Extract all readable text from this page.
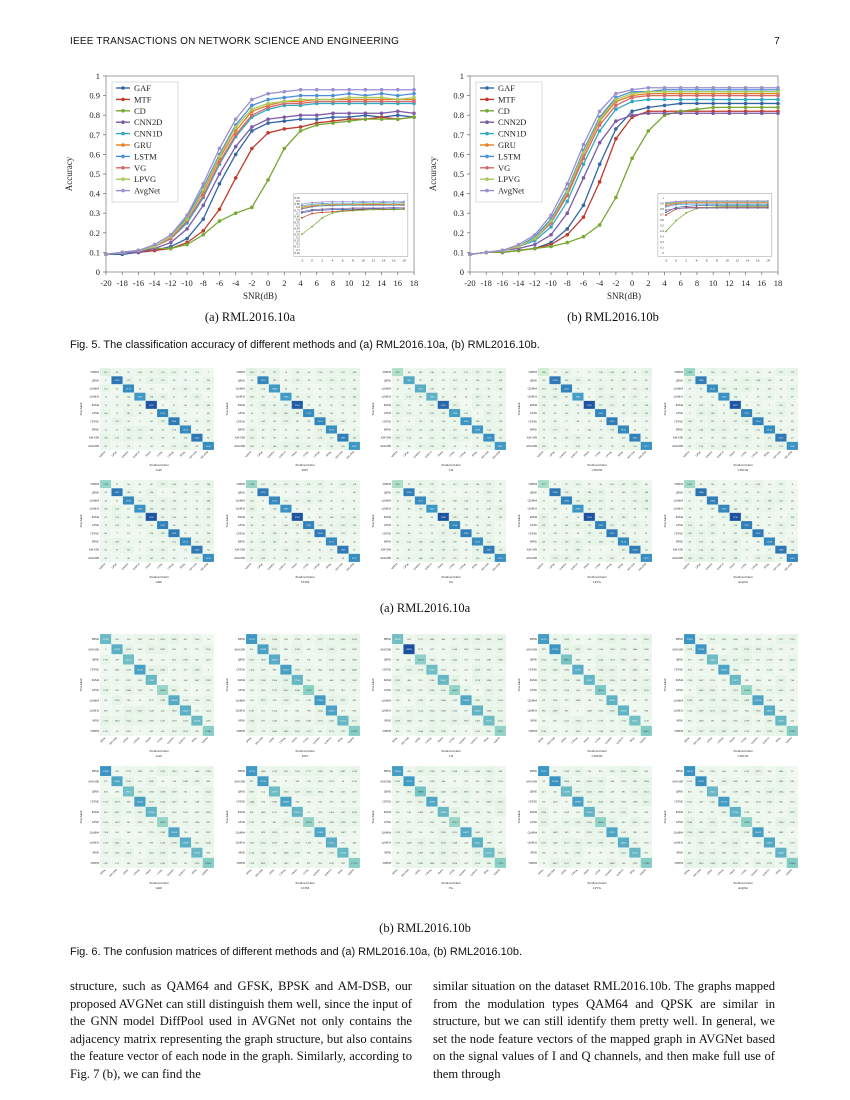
IEEE TRANSACTIONS ON NETWORK SCIENCE AND ENGINEERING	7
0
0.1
0.2
0.3
0.4
0.5
0.6
0.7
0.8
0.9
1
-20 -18 -16 -14 -12 -10 -8 -6 -4 -2 0 2 4 6 8 10 12 14 16 18
SNR(dB)
Accuracy
GAF
MTF
CD
CNN2D
CNN1D
GRU
LSTM
VG
LPVG
AvgNet
0.05
0.1
0.15
0.2
0.25
0.3
0.35
0.4
0.45
0.5
0.55
0.6
0.65
0.7
0.75
0.8
0.85
0.9
0.95
-2 0 2 4 6 8 10 12 14 16 18
0
0.1
0.2
0.3
0.4
0.5
0.6
0.7
0.8
0.9
1
-20 -18 -16 -14 -12 -10 -8 -6 -4 -2 0 2 4 6 8 10 12 14 16 18
SNR(dB)
Accuracy
GAF
MTF
CD
CNN2D
CNN1D
GRU
LSTM
VG
LPVG
AvgNet
0
0.1
0.2
0.3
0.4
0.5
0.6
0.7
0.8
0.9
1
-2 0 2 4 6 8 10 12 14 16 18
(a) RML2016.10a	(b) RML2016.10b
Fig. 5. The classification accuracy of different methods and (a) RML2016.10a, (b) RML2016.10b.
True label
WBFM 312	83	26	138	90	152	155	33	114	5
QPSK	0	2352	179	27	167	155	63	29	53	156
QAM64 133	22	2159	14	33	8	93	141	50	109
QAM16 15	74	114	2012	178	178	31	39	175	0
PAM4 35	72	101	94	2702	6	51	40	109	148
GFSK 144	15	181	89	20	2216	155	15	3	48
CPFSK	9	191	58	3	84	178	2341	105	96	121
BPSK 51	27	166	173	100	34	138	2162	15	108
AM-SSB 160	136	174	143	95	89	87	120	2345	81
AM-DSB 99	4	74	0	34	30	122	156	69	2143
WBFM QPSK QAM64 QAM16 PAM4 GFSK CPFSK BPSK AM-SSB AM-DSB
Predicted label
GAF
True label
WBFM 289	115	171	14	129	34	158	117	152	166
QPSK 48	2214	165	66	173	18	111	170	113	93
QAM64 121	134	2008	58	71	52	21	91	107	120
QAM16 108	89	51	1990	120	95	65	135	104	185
PAM4 81	190	141	162	2623	67	61	36	93	102
GFSK 14	76	128	180	189	2172	118	94	67	70
CPFSK 21	146	68	176	48	82	2224	172	168	43
BPSK 118	48	98	22	44	59	171	2126	18	67
AM-SSB 156	68	99	56	135	80	176	137	2292	165
AM-DSB 108	57	140	183	149	157	62	161	130	2047
WBFM QPSK QAM64 QAM16 PAM4 GFSK CPFSK BPSK AM-SSB AM-DSB
Predicted label
MTF
True label
WBFM 932	48	102	140	30	65	121	177	125	182
QPSK 70	1841	87	86	26	114	74	106	101	150
QAM64 43	70	1763	138	59	137	45	84	95	146
QAM16 67	170	187	1703	83	38	24	172	90	55
PAM4 165	36	68	162	2510	175	7	159	125	117
GFSK 142	152	72	169	156	1949	143	5	167	69
CPFSK 58	4	125	35	110	83	2085	140	157	123
BPSK 41	157	113	145	123	116	46	2019	144	130
AM-SSB 166	121	64	153	112	163	135	111	2120	151
AM-DSB 64	20	137	158	133	58	2	92	152	2015
WBFM QPSK QAM64 QAM16 PAM4 GFSK CPFSK BPSK AM-SSB AM-DSB
Predicted label
CD
True label
WBFM 500	70	146	7	13	138	189	143	26	171
QPSK 69	2336	142	175	83	91	89	129	110	95
QAM64 123	144	2241	77	62	163	94	153	118	118
QAM16 130	182	80	1952	6	178	187	44	177	22
PAM4 151	48	145	95	2693	157	173	86	133	129
GFSK 90	83	94	70	91	2231	64	117	126	191
CPFSK 41	94	17	80	12	69	2305	2	58	29
BPSK 73	177	73	0	104	79	168	2195	24	73
AM-SSB 10	64	105	187	87	116	68	130	2262	84
AM-DSB 122	18	12	138	53	97	70	89	158	2112
WBFM QPSK QAM64 QAM16 PAM4 GFSK CPFSK BPSK AM-SSB AM-DSB
Predicted label
CNN2D
True label
WBFM 1109	61	156	113	77	51	86	24	157	172
QPSK 191	2282	37	67	133	176	148	128	50	42
QAM64 29	97	2142	189	158	176	41	102	61	157
QAM16 73	46	51	2103	134	7	29	113	23	97
PAM4 84	109	90	13	2675	15	78	7	165	58
GFSK	5	183	190	53	146	2227	133	112	152	42
CPFSK 148	79	131	95	127	181	2254	103	66	46
BPSK 84	148	160	172	79	67	145	2143	85	100
AM-SSB 48	74	29	103	101	176	54	155	2325	47
AM-DSB 63	158	135	185	97	79	76	178	174	2100
WBFM QPSK QAM64 QAM16 PAM4 GFSK CPFSK BPSK AM-SSB AM-DSB
Predicted label
CNN1D
True label
WBFM 1176	21	94	81	68	173	140	38	107	148
QPSK 42	2347	189	56	164	4	40	110	121	60
QAM64 46	21	2186	157	116	176	116	56	22	188
QAM16 100	154	67	2093	163	144	121	63	82	116
PAM4 47	150	80	175	2702	116	108	86	76	135
GFSK 79	109	14	142	94	2247	80	113	103	74
CPFSK 86	7	18	7	128	189	2331	52	65	138
BPSK 75	189	29	85	67	120	163	2175	123	182
AM-SSB 83	97	153	1	136	165	63	71	2342	64
AM-DSB 82	9	40	75	147	125	86	12	173	2136
WBFM QPSK QAM64 QAM16 PAM4 GFSK CPFSK BPSK AM-SSB AM-DSB
Predicted label
GRU
True label
WBFM 1139	107	115	119	101	131	162	47	154	118
QPSK 74	2334	15	5	29	82	93	81	1	84
QAM64 138	11	2195	135	97	190	138	29	91	81
QAM16 182	21	119	2096	15	23	67	50	36	61
PAM4 64	110	85	56	2703	4	85	108	116	162
GFSK 98	58	65	146	175	2247	123	95	163	136
CPFSK 20	81	154	42	24	121	2330	127	119	54
BPSK 88	158	162	36	115	109	42	2175	26	36
AM-SSB 113	115	32	144	133	21	81	117	2346	67
AM-DSB 87	180	55	95	12	74	71	82	29	2137
WBFM QPSK QAM64 QAM16 PAM4 GFSK CPFSK BPSK AM-SSB AM-DSB
Predicted label
LSTM
True label
WBFM 956	32	191	159	46	112	106	104	179	70
QPSK 136	2294	30	118	32	2	43	25	181	86
QAM64 54	143	2157	171	110	109	146	47	133	48
QAM16 36	88	190	2039	48	56	144	52	149	172
PAM4 67	13	104	64	2686	169	108	96	49	162
GFSK 36	64	112	115	80	2214	19	30	129	5
CPFSK 103	94	16	52	177	121	2285	134	161	31
BPSK 101	104	168	120	168	109	24	2147	147	21
AM-SSB	4	93	110	85	179	119	36	191	2307	175
AM-DSB 44	96	144	136	117	135	13	156	144	2118
WBFM QPSK QAM64 QAM16 PAM4 GFSK CPFSK BPSK AM-SSB AM-DSB
Predicted label
VG
True label
WBFM 977	51	97	151	23	45	103	162	167	44
QPSK	5	2344	178	79	180	157	25	100	117	146
QAM64 31	37	2260	150	182	155	32	73	156	186
QAM16 21	108	0	2058	135	151	105	79	96	176
PAM4 175	22	74	18	2704	122	87	190	54	21
GFSK 191	46	141	187	174	2262	167	66	167	76
CPFSK 15	110	70	24	173	131	2326	100	73	61
BPSK 121	107	160	171	132	168	111	2176	162	78
AM-SSB 58	23	61	186	4	7	51	165	2320	64
AM-DSB	5	179	187	82	57	61	185	42	95	2125
WBFM QPSK QAM64 QAM16 PAM4 GFSK CPFSK BPSK AM-SSB AM-DSB
Predicted label
LPVG
True label
WBFM 1067	86	98	30	20	111	169	14	137	4
QPSK 76	2408	17	119	75	60	74	78	125	50
QAM64 61	53	2288	47	99	155	56	188	156	48
QAM16 78	30	107	2213	144	36	92	137	49	83
PAM4 64	22	67	117	2738	95	63	45	17	150
GFSK 174	66	179	57	130	2291	60	22	163	114
CPFSK 190	153	135	67	101	143	2343	16	110	3
BPSK 29	160	46	116	189	9	88	2186	39	118
AM-SSB 62	144	115	78	105	71	22	77	2366	124
AM-DSB 168	181	171	111	169	7	159	176	53	2218
WBFM QPSK QAM64 QAM16 PAM4 GFSK CPFSK BPSK AM-SSB AM-DSB
Predicted label
AvgNet
(a) RML2016.10a
True label
BPSK 21669	1121	350	1867	1214	2055	2096	451	1543	74
AM-DSB	0	23629	2412	368	2253	2093	847	397	716	2105
QPSK 1793	299	20754	200	447	114	1251	1903	682	1477
CPFSK 212	1001	1536	26143	2396	2395	427	537	2366	2
PAM4 475	971	1367	1265	21903	81	691	540	1467	1999
GFSK 1939	203	2440	1207	275	15602	2085	214	42	651
QAM64 121	2569	790	47	1137	2399	24030	1419	1300	1635
QAM16 696	372	2235	2337	1349	458	1863	23422	211	1454
8PSK 2152	1833	2345	1926	1285	1201	1178	1620	21649	1095
WBFM 1331	56	1003	3	465	410	1652	2106	935	17604
BPSK AM-DSB QPSK CPFSK PAM4 GFSK QAM64 QAM16 8PSK WBFM
Predicted label
GAF
True label
BPSK 27124	1552	2304	199	1738	467	2137	1576	2048	2242
AM-DSB 651	25849	2225	889	2338	243	1504	2289	1526	1260
QPSK 1635	1809	24076	787	958	701	295	1233	1443	1620
CPFSK 1454	1207	696	26223	1616	1285	884	1816	1403	2488
PAM4 1095	2560	1904	2191	22304	914	827	484	1261	1383
GFSK 190	1025	1725	2432	2548	17256	1592	1274	901	953
QAM64 290	1973	918	2374	651	1116	27050	2315	2271	581
QAM16 1587	655	1324	307	605	798	2304	25600	251	902
8PSK 2103	927	1340	756	1828	1082	2370	1847	22041	2221
WBFM 1457	776	1884	2462	2016	2117	842	2175	1757	18325
BPSK AM-DSB QPSK CPFSK PAM4 GFSK QAM64 QAM16 8PSK WBFM
Predicted label
MTF
True label
BPSK 20748	650	1373	1883	404	877	1631	2389	1686	2459
AM-DSB 953	36891	1179	1157	355	1540	1002	1436	1360	2027
QPSK 581	943	16733	1864	805	1845	617	1130	1281	1966
CPFSK 902	2293	2524	21003	1118	512	333	2319	1221	750
PAM4 2221	484	915	2186	22047	2362	96	2138	1684	1577
GFSK 1913	2050	979	2284	2106	16029	1927	76	2252	929
QAM64 782	66	1693	471	1488	1119	24930	1892	2121	1654
QAM16 556	2112	1524	1954	1660	1565	627	22810	1948	1755
8PSK 2232	1640	870	2058	1511	2201	1819	1493	21022	2034
WBFM 861	275	1848	2134	1789	781	32	1243	2051	16217
BPSK AM-DSB QPSK CPFSK PAM4 GFSK QAM64 QAM16 8PSK WBFM
Predicted label
CD
True label
BPSK 26718	949	1966	105	176	1857	2551	1925	353	2310
AM-DSB 929	27704	1915	2357	1121	1224	1204	1738	1484	1290
QPSK 1654	1942	19612	1036	839	2204	1274	2061	1597	1588
CPFSK 1755	2460	1084	23775	87	2394	2516	598	2386	300
PAM4 2034	652	1954	1286	22207	2111	2338	1168	1801	1747
GFSK 1222	1121	1264	944	1232	19214	864	1580	1695	2570
QAM64 551	1266	229	1088	168	928	22815	30	789	397
QAM16 982	2389	991	1	1408	1066	2266	22750	323	994
8PSK 142	867	1413	2519	1177	1570	922	1756	20627	1138
WBFM 1646	247	162	1856	714	1308	950	1198	2135	18411
BPSK AM-DSB QPSK CPFSK PAM4 GFSK QAM64 QAM16 8PSK WBFM
Predicted label
CNN2D
True label
BPSK 27862	824	2102	1532	1041	694	1159	328	2117	2322
AM-DSB 2570	27598	501	910	1799	2376	1999	1733	673	577
QPSK 397	1306	21063	2554	2137	2373	561	1378	830	2123
CPFSK 994	626	694	25402	1804	98	403	1530	310	1306
PAM4 1138	1467	1215	178	21973	206	1054	102	2231	784
GFSK 72	2465	2560	720	1974	15634	1793	1517	2053	575
QAM64 1994	1067	1769	1278	1714	2439	25214	1396	896	630
QAM16 1134	1992	2161	2314	1072	904	1963	24010	1149	1355
8PSK 655	1000	395	1397	1365	2379	728	2096	22067	632
WBFM 850	2127	1817	2497	1309	1074	1023	2399	2343	17921
BPSK AM-DSB QPSK CPFSK PAM4 GFSK QAM64 QAM16 8PSK WBFM
Predicted label
CNN1D
True label
BPSK 27942	287	1276	1095	915	2335	1893	515	1449	1994
AM-DSB 575	24930	2542	756	2206	58	538	1489	1629	808
QPSK 630	290	20745	2121	1560	2368	1569	761	301	2541
CPFSK 1355	2079	909	26147	2193	1946	1627	853	1108	1572
PAM4 632	2021	1076	2363	22604	1567	1457	1160	1023	1822
GFSK 1065	1476	201	1919	1265	15821	1076	1521	1388	997
QAM64 1164	106	246	105	1721	2549	25019	706	883	1867
QAM16 1016	2541	391	1147	909	1620	2198	23808	1657	2449
8PSK 1117	1305	2064	21	1841	2228	850	962	22016	866
WBFM 1107	122	549	1018	1979	1682	1159	163	2330	18201
BPSK AM-DSB QPSK CPFSK PAM4 GFSK QAM64 QAM16 8PSK WBFM
Predicted label
GRU
True label
BPSK 27138	1440	1559	1611	1365	1771	2189	641	2081	1594
AM-DSB 997	26730	204	72	399	1115	1258	1101	20	1134
QPSK 1867	154	21072	1823	1307	2556	1864	398	1231	1101
CPFSK 2449	294	1609	25840	206	309	910	676	495	832
PAM4 866	1486	1155	758	22315	55	1152	1454	1563	2189
GFSK 1323	784	881	1975	2362	16128	1660	1289	2198	1835
QAM64 275	1091	2076	574	326	1637	25106	1719	1609	737
QAM16 1183	2134	2189	496	1550	1476	565	23714	356	486
8PSK 1524	1548	432	1948	1796	295	1096	1582	21819	903
WBFM 1170	2421	743	1285	163	997	959	1109	399	17710
BPSK AM-DSB QPSK CPFSK PAM4 GFSK QAM64 QAM16 8PSK WBFM
Predicted label
LSTM
True label
BPSK 26456	439	2581	2138	623	1508	1433	1408	2410	946
AM-DSB 1835	27015	410	1596	440	32	579	345	2435	1164
QPSK 737	1923	19986	2300	1486	1467	1963	643	1794	657
CPFSK 486	1194	2555	24983	646	753	1944	711	2005	2316
PAM4 903	180	1408	863	21890	2280	1459	1293	664	2191
GFSK 497	871	1511	1551	1088	15312	256	415	1741	69
QAM64 1391	1266	216	704	2390	1635	24627	1806	2177	417
QAM16 1371	1408	2260	1623	2270	1468	328	23311	1989	295
8PSK 58	1260	1489	1148	2409	1611	497	2576	21507	2366
WBFM 599	1291	1943	1840	1583	1824	182	2100	1941	17255
BPSK AM-DSB QPSK CPFSK PAM4 GFSK QAM64 QAM16 8PSK WBFM
Predicted label
VG
True label
BPSK 27617	699	1308	2036	318	615	1385	2185	2246	603
AM-DSB 69	28140	2404	1069	2430	2122	340	1356	1581	1964
QPSK 417	503	21398	2019	2456	2085	439	991	2110	2513
CPFSK 295	1456	10	25960	1824	2042	1421	1068	1298	2375
PAM4 2366	307	1008	253	22614	1648	1174	2555	738	293
GFSK 2575	627	1907	2522	2350	16430	2257	895	2256	1022
QAM64 211	1489	949	331	2333	1767	25327	1347	986	825
QAM16 1627	1448	2157	2312	1785	2262	1495	24005	2183	1055
8PSK 793	315	824	2502	60	99	693	2221	22164	873
WBFM 79	2415	2517	1105	772	830	2488	566	1278	17904
BPSK AM-DSB QPSK CPFSK PAM4 GFSK QAM64 QAM16 8PSK WBFM
Predicted label
LPVG
True label
BPSK 28158	1168	1325	404	275	1505	2275	200	1845	57
AM-DSB 1022	28612	241	1609	1020	811	1002	1061	1685	685
QPSK 825	723	22045	640	1339	2095	764	2540	2104	652
CPFSK 1055	408	1441	26714	1942	494	1239	1842	666	1116
PAM4 873	300	911	1582	23108	1289	859	612	229	2027
GFSK 2340	892	2413	778	1750	17002	813	303	2200	1543
QAM64 2560	2066	1815	914	1370	1926	26418	223	1482	49
QAM16 401	2162	622	1569	2543	122	1193	24832	528	1591
8PSK 842	1944	1550	1061	1421	963	300	1042	22841	1676
WBFM 2267	2435	2308	1506	2276	105	2146	2373	715	18455
BPSK AM-DSB QPSK CPFSK PAM4 GFSK QAM64 QAM16 8PSK WBFM
Predicted label
AvgNet
(b) RML2016.10b
Fig. 6. The confusion matrices of different methods and (a) RML2016.10a, (b) RML2016.10b.
structure, such as QAM64 and GFSK, BPSK and AM-DSB, our proposed AVGNet can still distinguish them well, since the input of the GNN model DiffPool used in AVGNet not only contains the adjacency matrix representing the graph structure, but also contains the feature vector of each node in the graph. Similarly, according to Fig. 7 (b), we can find the
similar situation on the dataset RML2016.10b. The graphs mapped from the modulation types QAM64 and QPSK are similar in structure, but we can still identify them pretty well. In general, we set the node feature vectors of the mapped graph in AVGNet based on the signal values of I and Q channels, and then make full use of them through
